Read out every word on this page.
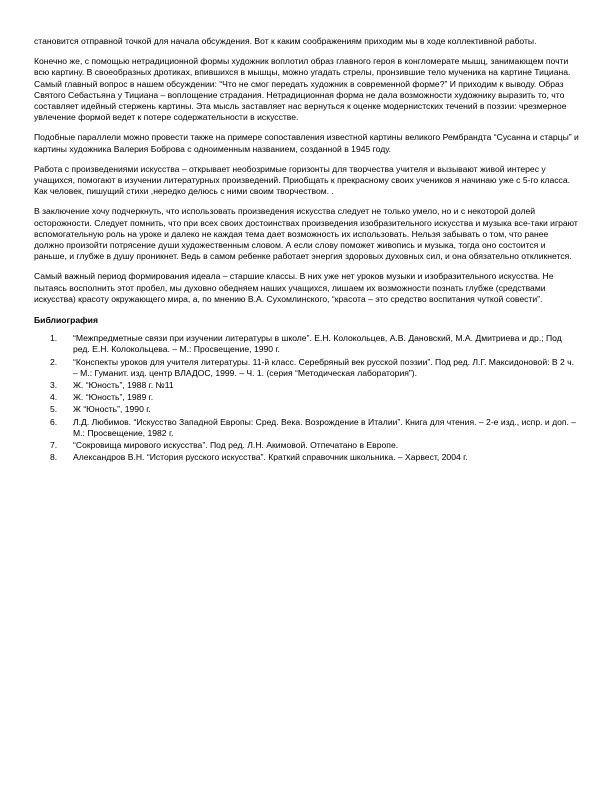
становится отправной точкой для начала обсуждения. Вот к каким соображениям приходим мы в ходе коллективной работы.

Конечно же, с помощью нетрадиционной формы художник воплотил образ главного героя в конгломерате мышц, занимающем почти всю картину. В своеобразных дротиках, впившихся в мышцы, можно угадать стрелы, пронзившие тело мученика на картине Тициана. Самый главный вопрос в нашем обсуждении: “Что не смог передать художник в современной форме?” И приходим к выводу. Образ Святого Себастьяна у Тициана – воплощение страдания. Нетрадиционная форма не дала возможности художнику выразить то, что составляет идейный стержень картины. Эта мысль заставляет нас вернуться к оценке модернистских течений в поэзии: чрезмерное увлечение формой ведет к потере содержательности в искусстве.

Подобные параллели можно провести также на примере сопоставления известной картины великого Рембрандта “Сусанна и старцы” и картины художника Валерия Боброва с одноименным названием, созданной в 1945 году.

Работа с произведениями искусства – открывает необозримые горизонты для творчества учителя и вызывают живой интерес у учащихся, помогают в изучении литературных произведений. Приобщать к прекрасному своих учеников я начинаю уже с 5-го класса. Как человек, пишущий стихи ,нередко делюсь с ними своим творчеством. .

В заключение хочу подчеркнуть, что использовать произведения искусства следует не только умело, но и с некоторой долей осторожности. Следует помнить, что при всех своих достоинствах произведения изобразительного искусства и музыка все-таки играют вспомогательную роль на уроке и далеко не каждая тема дает возможность их использовать. Нельзя забывать о том, что ранее должно произойти потрясение души художественным словом. А если слову поможет живопись и музыка, тогда оно состоится и раньше, и глубже в душу проникнет. Ведь в самом ребенке работает энергия здоровых духовных сил, и она обязательно откликнется.

Самый важный период формирования идеала – старшие классы. В них уже нет уроков музыки и изобразительного искусства. Не пытаясь восполнить этот пробел, мы духовно обедняем наших учащихся, лишаем их возможности познать глубже (средствами искусства) красоту окружающего мира, а, по мнению В.А. Сухомлинского, “красота – это средство воспитания чуткой совести”.

Библиография
1. “Межпредметные связи при изучении литературы в школе”. Е.Н. Колокольцев, А.В. Дановский, М.А. Дмитриева и др.; Под ред. Е.Н. Колокольцева. – М.: Просвещение, 1990 г.
2. “Конспекты уроков для учителя литературы. 11-й класс. Серебряный век русской поэзии”. Под ред. Л.Г. Максидоновой: В 2 ч. – М.: Гуманит. изд. центр ВЛАДОС, 1999. – Ч. 1. (серия “Методическая лаборатория”).
3. Ж. “Юность”, 1988 г. №11
4. Ж. “Юность”, 1989 г.
5. Ж “Юность”, 1990 г.
6. Л.Д. Любимов. “Искусство Западной Европы: Сред. Века. Возрождение в Италии”. Книга для чтения. – 2-е изд., испр. и доп. – М.: Просвещение, 1982 г.
7. “Сокровища мирового искусства”. Под ред. Л.Н. Акимовой. Отпечатано в Европе.
8. Александров В.Н. “История русского искусства”. Краткий справочник школьника. – Харвест, 2004 г.
